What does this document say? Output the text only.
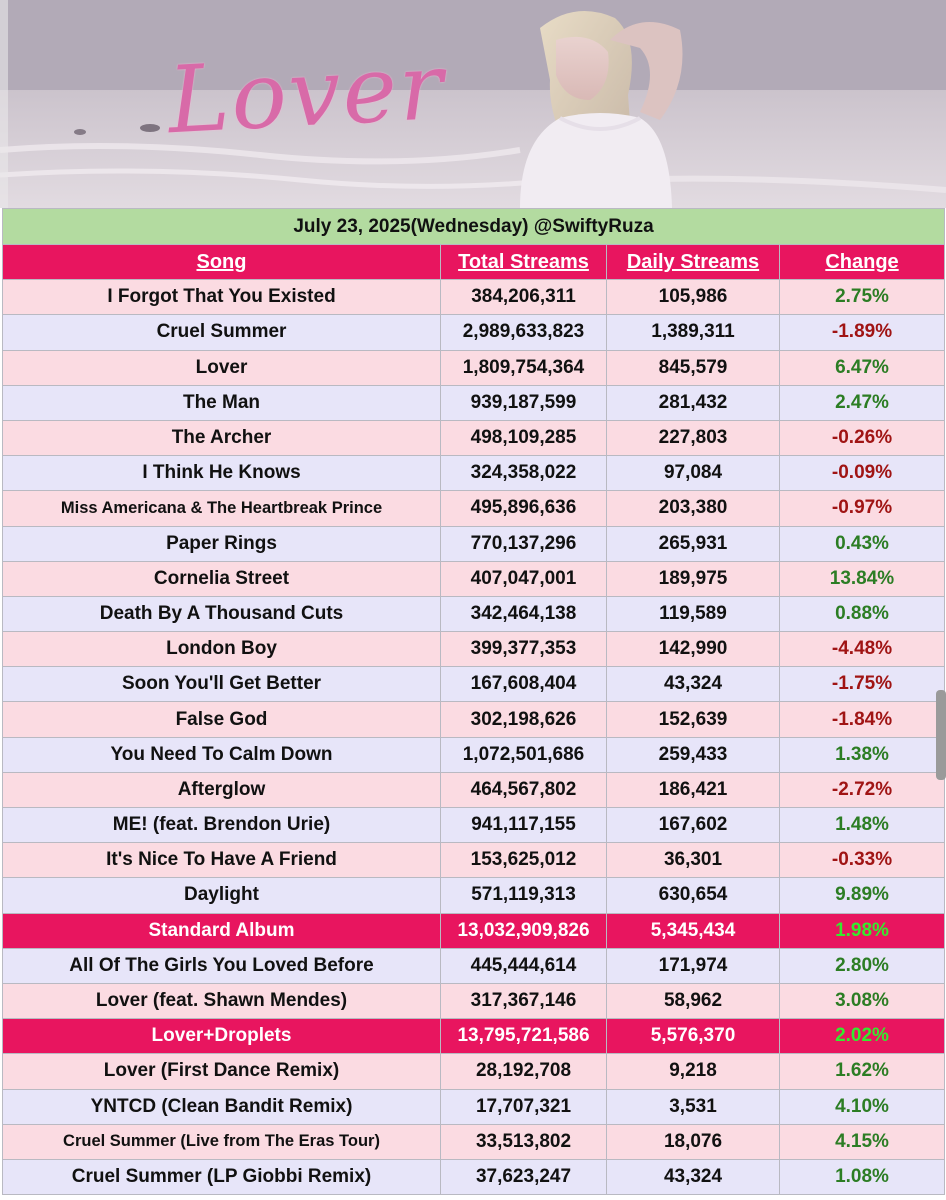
Lover
July 23, 2025(Wednesday) @SwiftyRuza			
Song	Total Streams	Daily Streams	Change
I Forgot That You Existed	384,206,311	105,986	2.75%
Cruel Summer	2,989,633,823	1,389,311	-1.89%
Lover	1,809,754,364	845,579	6.47%
The Man	939,187,599	281,432	2.47%
The Archer	498,109,285	227,803	-0.26%
I Think He Knows	324,358,022	97,084	-0.09%
Miss Americana & The Heartbreak Prince	495,896,636	203,380	-0.97%
Paper Rings	770,137,296	265,931	0.43%
Cornelia Street	407,047,001	189,975	13.84%
Death By A Thousand Cuts	342,464,138	119,589	0.88%
London Boy	399,377,353	142,990	-4.48%
Soon You'll Get Better	167,608,404	43,324	-1.75%
False God	302,198,626	152,639	-1.84%
You Need To Calm Down	1,072,501,686	259,433	1.38%
Afterglow	464,567,802	186,421	-2.72%
ME! (feat. Brendon Urie)	941,117,155	167,602	1.48%
It's Nice To Have A Friend	153,625,012	36,301	-0.33%
Daylight	571,119,313	630,654	9.89%
Standard Album	13,032,909,826	5,345,434	1.98%
All Of The Girls You Loved Before	445,444,614	171,974	2.80%
Lover (feat. Shawn Mendes)	317,367,146	58,962	3.08%
Lover+Droplets	13,795,721,586	5,576,370	2.02%
Lover (First Dance Remix)	28,192,708	9,218	1.62%
YNTCD (Clean Bandit Remix)	17,707,321	3,531	4.10%
Cruel Summer (Live from The Eras Tour)	33,513,802	18,076	4.15%
Cruel Summer (LP Giobbi Remix)	37,623,247	43,324	1.08%
